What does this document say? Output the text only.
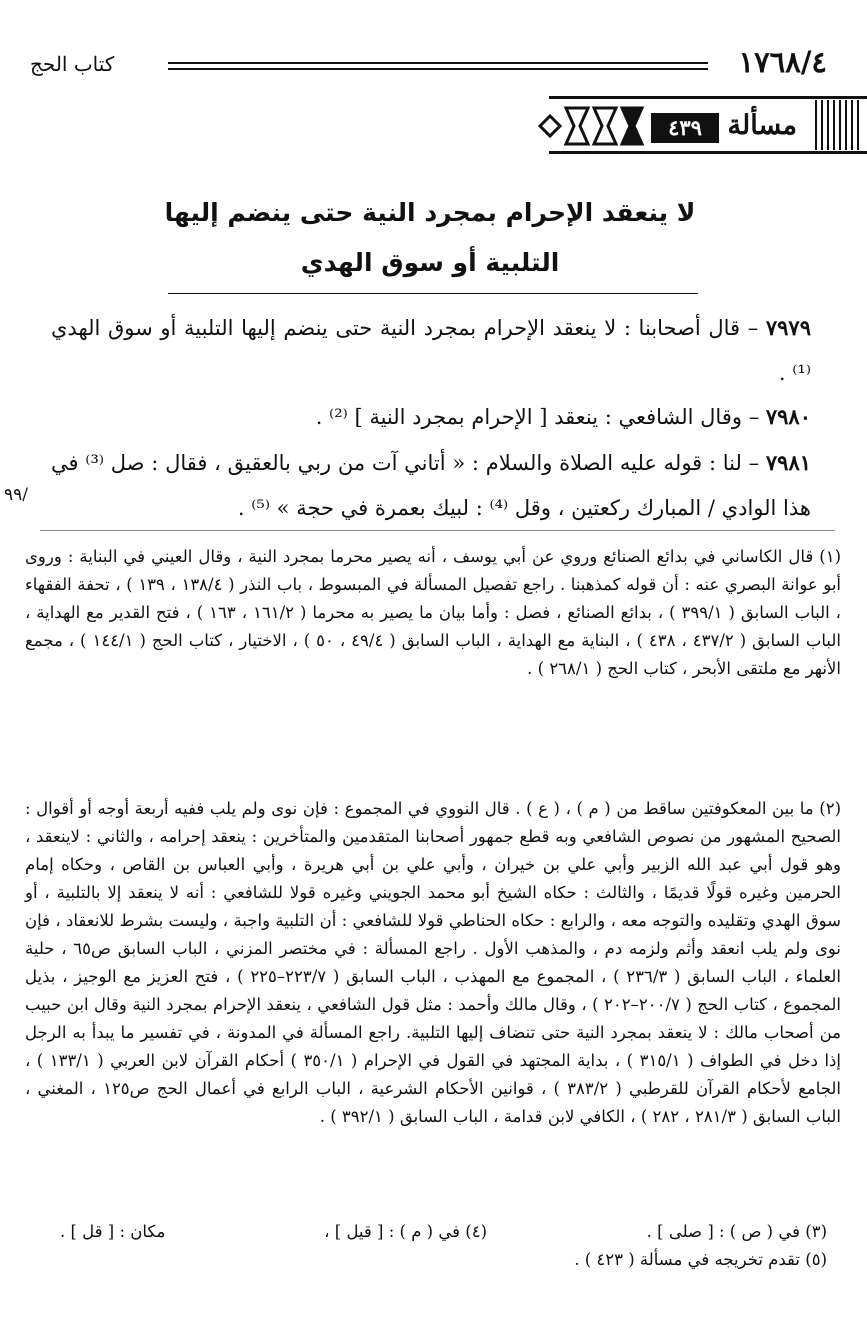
١٧٦٨/٤
كتاب الحج
مسألة
٤٣٩
لا ينعقد الإحرام بمجرد النية حتى ينضم إليها
التلبية أو سوق الهدي
٧٩٧٩ – قال أصحابنا : لا ينعقد الإحرام بمجرد النية حتى ينضم إليها التلبية أو سوق الهدي ⁽¹⁾ .
٧٩٨٠ – وقال الشافعي : ينعقد [ الإحرام بمجرد النية ] ⁽²⁾ .
٧٩٨١ – لنا : قوله عليه الصلاة والسلام : « أتاني آت من ربي بالعقيق ، فقال : صل ⁽³⁾ في هذا الوادي / المبارك ركعتين ، وقل ⁽⁴⁾ : لبيك بعمرة في حجة » ⁽⁵⁾ .
٩٩/
(١) قال الكاساني في بدائع الصنائع وروي عن أبي يوسف ، أنه يصير محرما بمجرد النية ، وقال العيني في البناية : وروى أبو عوانة البصري عنه : أن قوله كمذهبنا . راجع تفصيل المسألة في المبسوط ، باب النذر ( ١٣٨/٤ ، ١٣٩ ) ، تحفة الفقهاء ، الباب السابق ( ٣٩٩/١ ) ، بدائع الصنائع ، فصل : وأما بيان ما يصير به محرما ( ١٦١/٢ ، ١٦٣ ) ، فتح القدير مع الهداية ، الباب السابق ( ٤٣٧/٢ ، ٤٣٨ ) ، البناية مع الهداية ، الباب السابق ( ٤٩/٤ ، ٥٠ ) ، الاختيار ، كتاب الحج ( ١٤٤/١ ) ، مجمع الأنهر مع ملتقى الأبحر ، كتاب الحج ( ٢٦٨/١ ) .
(٢) ما بين المعكوفتين ساقط من ( م ) ، ( ع ) . قال النووي في المجموع : فإن نوى ولم يلب ففيه أربعة أوجه أو أقوال : الصحيح المشهور من نصوص الشافعي وبه قطع جمهور أصحابنا المتقدمين والمتأخرين : ينعقد إحرامه ، والثاني : لاينعقد ، وهو قول أبي عبد الله الزبير وأبي علي بن خيران ، وأبي علي بن أبي هريرة ، وأبي العباس بن القاص ، وحكاه إمام الحرمين وغيره قولًا قديمًا ، والثالث : حكاه الشيخ أبو محمد الجويني وغيره قولا للشافعي : أنه لا ينعقد إلا بالتلبية ، أو سوق الهدي وتقليده والتوجه معه ، والرابع : حكاه الحناطي قولا للشافعي : أن التلبية واجبة ، وليست بشرط للانعقاد ، فإن نوى ولم يلب انعقد وأثم ولزمه دم ، والمذهب الأول . راجع المسألة : في مختصر المزني ، الباب السابق ص٦٥ ، حلية العلماء ، الباب السابق ( ٢٣٦/٣ ) ، المجموع مع المهذب ، الباب السابق ( ٢٢٣/٧–٢٢٥ ) ، فتح العزيز مع الوجيز ، بذيل المجموع ، كتاب الحج ( ٢٠٠/٧–٢٠٢ ) ، وقال مالك وأحمد : مثل قول الشافعي ، ينعقد الإحرام بمجرد النية وقال ابن حبيب من أصحاب مالك : لا ينعقد بمجرد النية حتى تنضاف إليها التلبية. راجع المسألة في المدونة ، في تفسير ما يبدأ به الرجل إذا دخل في الطواف ( ٣١٥/١ ) ، بداية المجتهد في القول في الإحرام ( ٣٥٠/١ ) أحكام القرآن لابن العربي ( ١٣٣/١ ) ، الجامع لأحكام القرآن للقرطبي ( ٣٨٣/٢ ) ، قوانين الأحكام الشرعية ، الباب الرابع في أعمال الحج ص١٢٥ ، المغني ، الباب السابق ( ٢٨١/٣ ، ٢٨٢ ) ، الكافي لابن قدامة ، الباب السابق ( ٣٩٢/١ ) .
(٣) في ( ص ) : [ صلى ] .
(٤) في ( م ) : [ قيل ] ،
مكان : [ قل ] .
(٥) تقدم تخريجه في مسألة ( ٤٢٣ ) .
